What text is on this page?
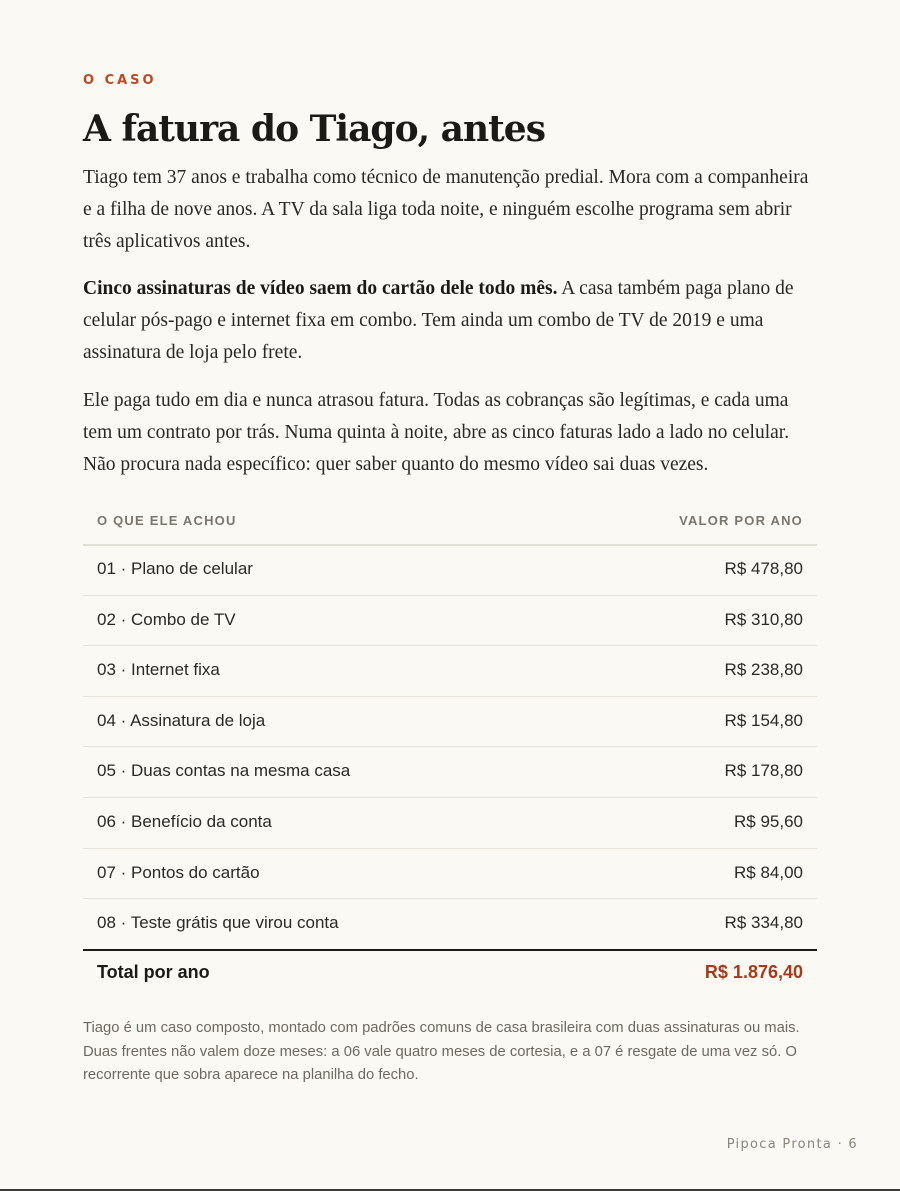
O CASO
A fatura do Tiago, antes

Tiago tem 37 anos e trabalha como técnico de manutenção predial. Mora com a companheira e a filha de nove anos. A TV da sala liga toda noite, e ninguém escolhe programa sem abrir três aplicativos antes.

Cinco assinaturas de vídeo saem do cartão dele todo mês. A casa também paga plano de celular pós-pago e internet fixa em combo. Tem ainda um combo de TV de 2019 e uma assinatura de loja pelo frete.

Ele paga tudo em dia e nunca atrasou fatura. Todas as cobranças são legítimas, e cada uma tem um contrato por trás. Numa quinta à noite, abre as cinco faturas lado a lado no celular. Não procura nada específico: quer saber quanto do mesmo vídeo sai duas vezes.

O QUE ELE ACHOU	VALOR POR ANO
01 · Plano de celular	R$ 478,80
02 · Combo de TV	R$ 310,80
03 · Internet fixa	R$ 238,80
04 · Assinatura de loja	R$ 154,80
05 · Duas contas na mesma casa	R$ 178,80
06 · Benefício da conta	R$ 95,60
07 · Pontos do cartão	R$ 84,00
08 · Teste grátis que virou conta	R$ 334,80
Total por ano	R$ 1.876,40

Tiago é um caso composto, montado com padrões comuns de casa brasileira com duas assinaturas ou mais. Duas frentes não valem doze meses: a 06 vale quatro meses de cortesia, e a 07 é resgate de uma vez só. O recorrente que sobra aparece na planilha do fecho.

Pipoca Pronta · 6
